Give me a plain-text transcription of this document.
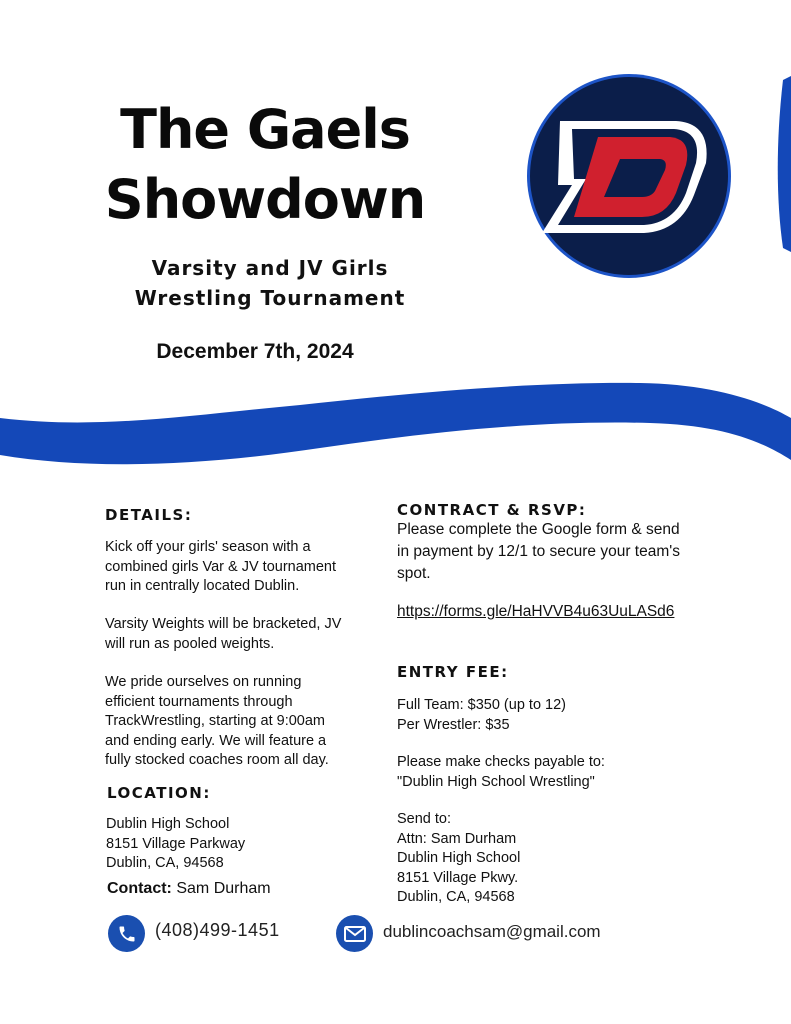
The Gaels
Showdown
Varsity and JV Girls
Wrestling Tournament
December 7th, 2024
DETAILS:
Kick off your girls' season with a
combined girls Var & JV tournament
run in centrally located Dublin.
Varsity Weights will be bracketed, JV
will run as pooled weights.
We pride ourselves on running
efficient tournaments through
TrackWrestling, starting at 9:00am
and ending early. We will feature a
fully stocked coaches room all day.
LOCATION:
Dublin High School
8151 Village Parkway
Dublin, CA, 94568
Contact: Sam Durham
CONTRACT & RSVP:
Please complete the Google form & send
in payment by 12/1 to secure your team's
spot.
https://forms.gle/HaHVVB4u63UuLASd6
ENTRY FEE:
Full Team: $350 (up to 12)
Per Wrestler: $35
Please make checks payable to:
"Dublin High School Wrestling"
Send to:
Attn: Sam Durham
Dublin High School
8151 Village Pkwy.
Dublin, CA, 94568
(408)499-1451	dublincoachsam@gmail.com
